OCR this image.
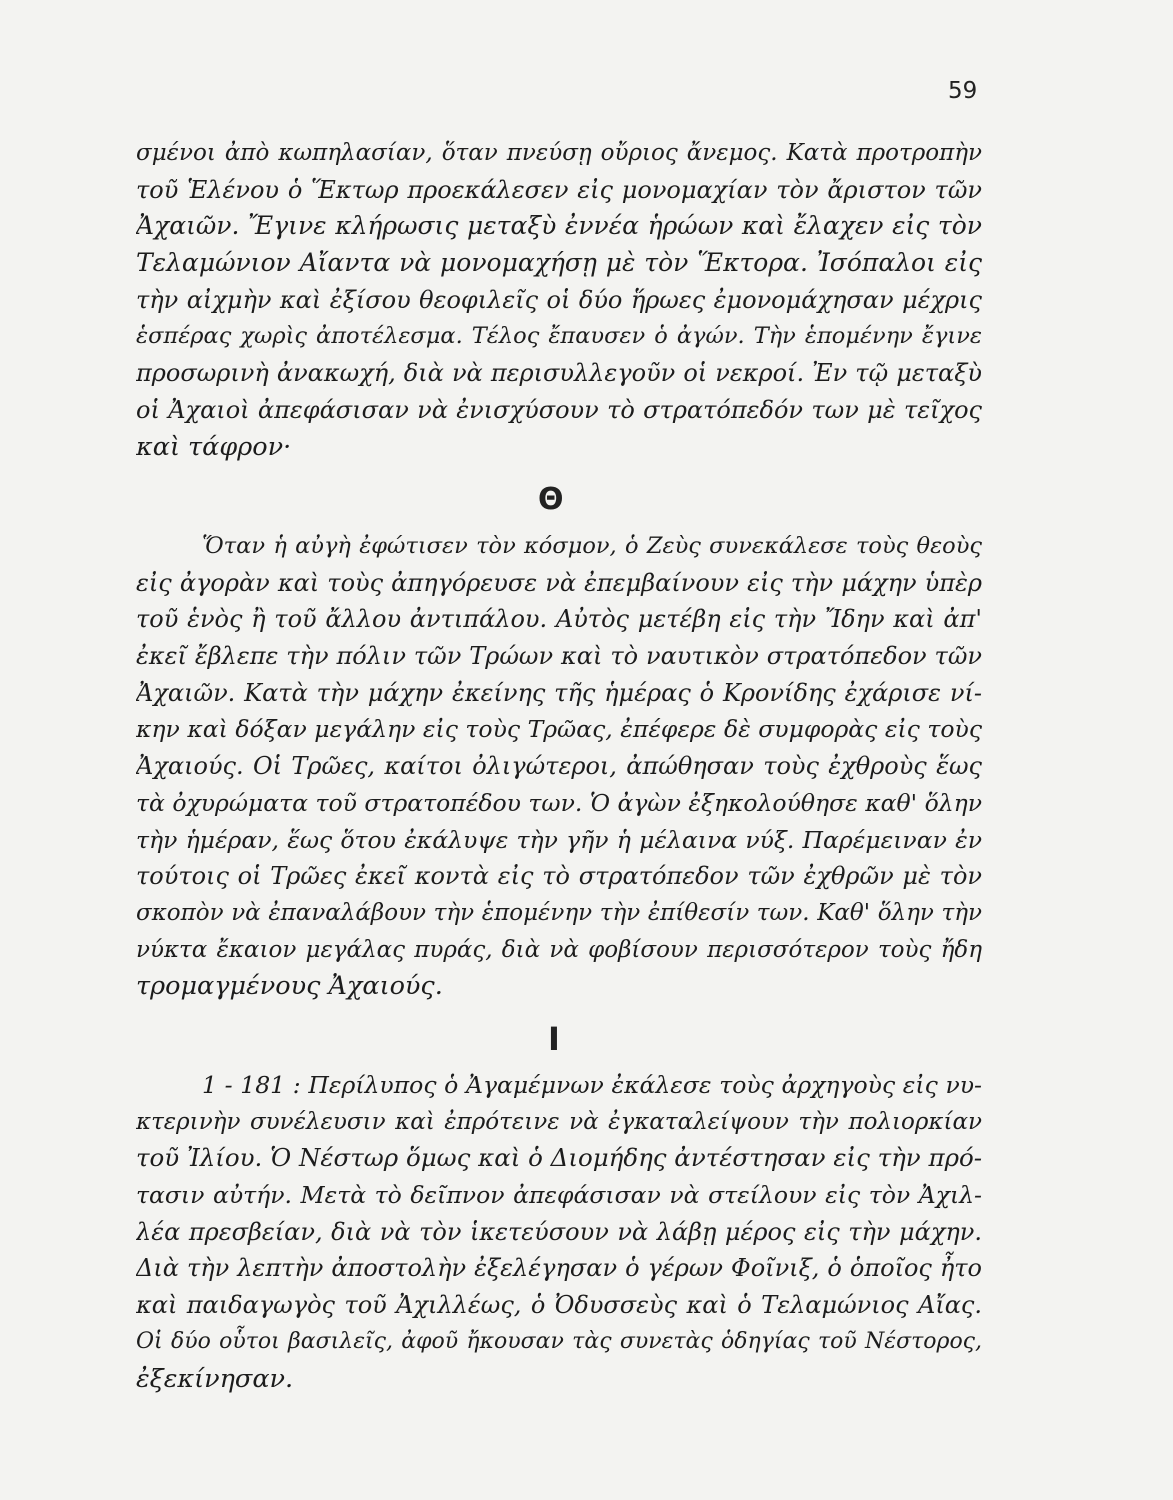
59
σμένοι ἀπὸ κωπηλασίαν, ὅταν πνεύσῃ οὔριος ἄνεμος. Κατὰ προτροπὴν
τοῦ Ἑλένου ὁ Ἕκτωρ προεκάλεσεν εἰς μονομαχίαν τὸν ἄριστον τῶν
Ἀχαιῶν. Ἔγινε κλήρωσις μεταξὺ ἐννέα ἡρώων καὶ ἔλαχεν εἰς τὸν
Τελαμώνιον Αἴαντα νὰ μονομαχήσῃ μὲ τὸν Ἕκτορα. Ἰσόπαλοι εἰς
τὴν αἰχμὴν καὶ ἐξίσου θεοφιλεῖς οἱ δύο ἥρωες ἐμονομάχησαν μέχρις
ἑσπέρας χωρὶς ἀποτέλεσμα. Τέλος ἔπαυσεν ὁ ἀγών. Τὴν ἑπομένην ἔγινε
προσωρινὴ ἀνακωχή, διὰ νὰ περισυλλεγοῦν οἱ νεκροί. Ἐν τῷ μεταξὺ
οἱ Ἀχαιοὶ ἀπεφάσισαν νὰ ἐνισχύσουν τὸ στρατόπεδόν των μὲ τεῖχος
καὶ τάφρον·
Θ
Ὅταν ἡ αὐγὴ ἐφώτισεν τὸν κόσμον, ὁ Ζεὺς συνεκάλεσε τοὺς θεοὺς
εἰς ἀγορὰν καὶ τοὺς ἀπηγόρευσε νὰ ἐπεμβαίνουν εἰς τὴν μάχην ὑπὲρ
τοῦ ἑνὸς ἢ τοῦ ἄλλου ἀντιπάλου. Αὐτὸς μετέβη εἰς τὴν Ἴδην καὶ ἀπ'
ἐκεῖ ἔβλεπε τὴν πόλιν τῶν Τρώων καὶ τὸ ναυτικὸν στρατόπεδον τῶν
Ἀχαιῶν. Κατὰ τὴν μάχην ἐκείνης τῆς ἡμέρας ὁ Κρονίδης ἐχάρισε νί-
κην καὶ δόξαν μεγάλην εἰς τοὺς Τρῶας, ἐπέφερε δὲ συμφορὰς εἰς τοὺς
Ἀχαιούς. Οἱ Τρῶες, καίτοι ὀλιγώτεροι, ἀπώθησαν τοὺς ἐχθροὺς ἕως
τὰ ὀχυρώματα τοῦ στρατοπέδου των. Ὁ ἀγὼν ἐξηκολούθησε καθ' ὅλην
τὴν ἡμέραν, ἕως ὅτου ἐκάλυψε τὴν γῆν ἡ μέλαινα νύξ. Παρέμειναν ἐν
τούτοις οἱ Τρῶες ἐκεῖ κοντὰ εἰς τὸ στρατόπεδον τῶν ἐχθρῶν μὲ τὸν
σκοπὸν νὰ ἐπαναλάβουν τὴν ἑπομένην τὴν ἐπίθεσίν των. Καθ' ὅλην τὴν
νύκτα ἔκαιον μεγάλας πυράς, διὰ νὰ φοβίσουν περισσότερον τοὺς ἤδη
τρομαγμένους Ἀχαιούς.
Ι
1 - 181 : Περίλυπος ὁ Ἀγαμέμνων ἐκάλεσε τοὺς ἀρχηγοὺς εἰς νυ-
κτερινὴν συνέλευσιν καὶ ἐπρότεινε νὰ ἐγκαταλείψουν τὴν πολιορκίαν
τοῦ Ἰλίου. Ὁ Νέστωρ ὅμως καὶ ὁ Διομήδης ἀντέστησαν εἰς τὴν πρό-
τασιν αὐτήν. Μετὰ τὸ δεῖπνον ἀπεφάσισαν νὰ στείλουν εἰς τὸν Ἀχιλ-
λέα πρεσβείαν, διὰ νὰ τὸν ἱκετεύσουν νὰ λάβῃ μέρος εἰς τὴν μάχην.
Διὰ τὴν λεπτὴν ἀποστολὴν ἐξελέγησαν ὁ γέρων Φοῖνιξ, ὁ ὁποῖος ἦτο
καὶ παιδαγωγὸς τοῦ Ἀχιλλέως, ὁ Ὀδυσσεὺς καὶ ὁ Τελαμώνιος Αἴας.
Οἱ δύο οὗτοι βασιλεῖς, ἀφοῦ ἤκουσαν τὰς συνετὰς ὁδηγίας τοῦ Νέστορος,
ἐξεκίνησαν.
